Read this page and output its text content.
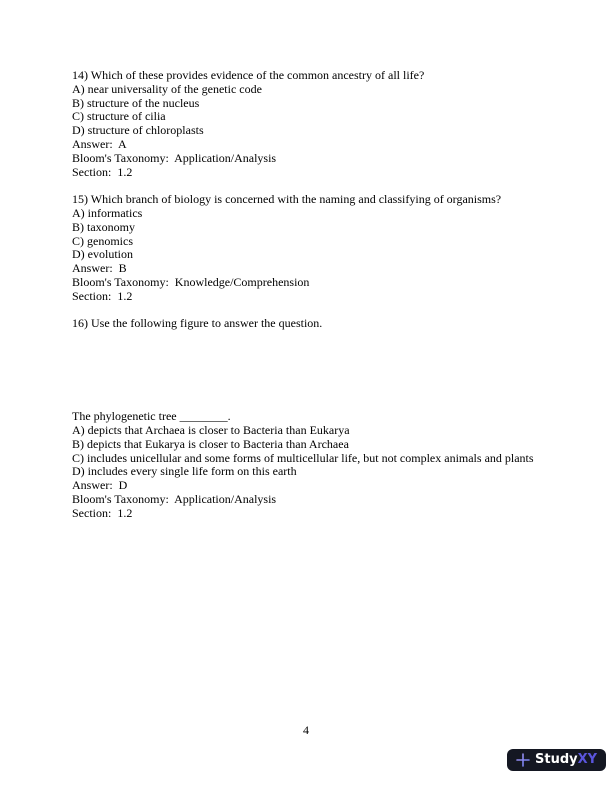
14) Which of these provides evidence of the common ancestry of all life?
A) near universality of the genetic code
B) structure of the nucleus
C) structure of cilia
D) structure of chloroplasts
Answer:  A
Bloom's Taxonomy:  Application/Analysis
Section:  1.2
15) Which branch of biology is concerned with the naming and classifying of organisms?
A) informatics
B) taxonomy
C) genomics
D) evolution
Answer:  B
Bloom's Taxonomy:  Knowledge/Comprehension
Section:  1.2
16) Use the following figure to answer the question.
The phylogenetic tree ________.
A) depicts that Archaea is closer to Bacteria than Eukarya
B) depicts that Eukarya is closer to Bacteria than Archaea
C) includes unicellular and some forms of multicellular life, but not complex animals and plants
D) includes every single life form on this earth
Answer:  D
Bloom's Taxonomy:  Application/Analysis
Section:  1.2
4
StudyXY
